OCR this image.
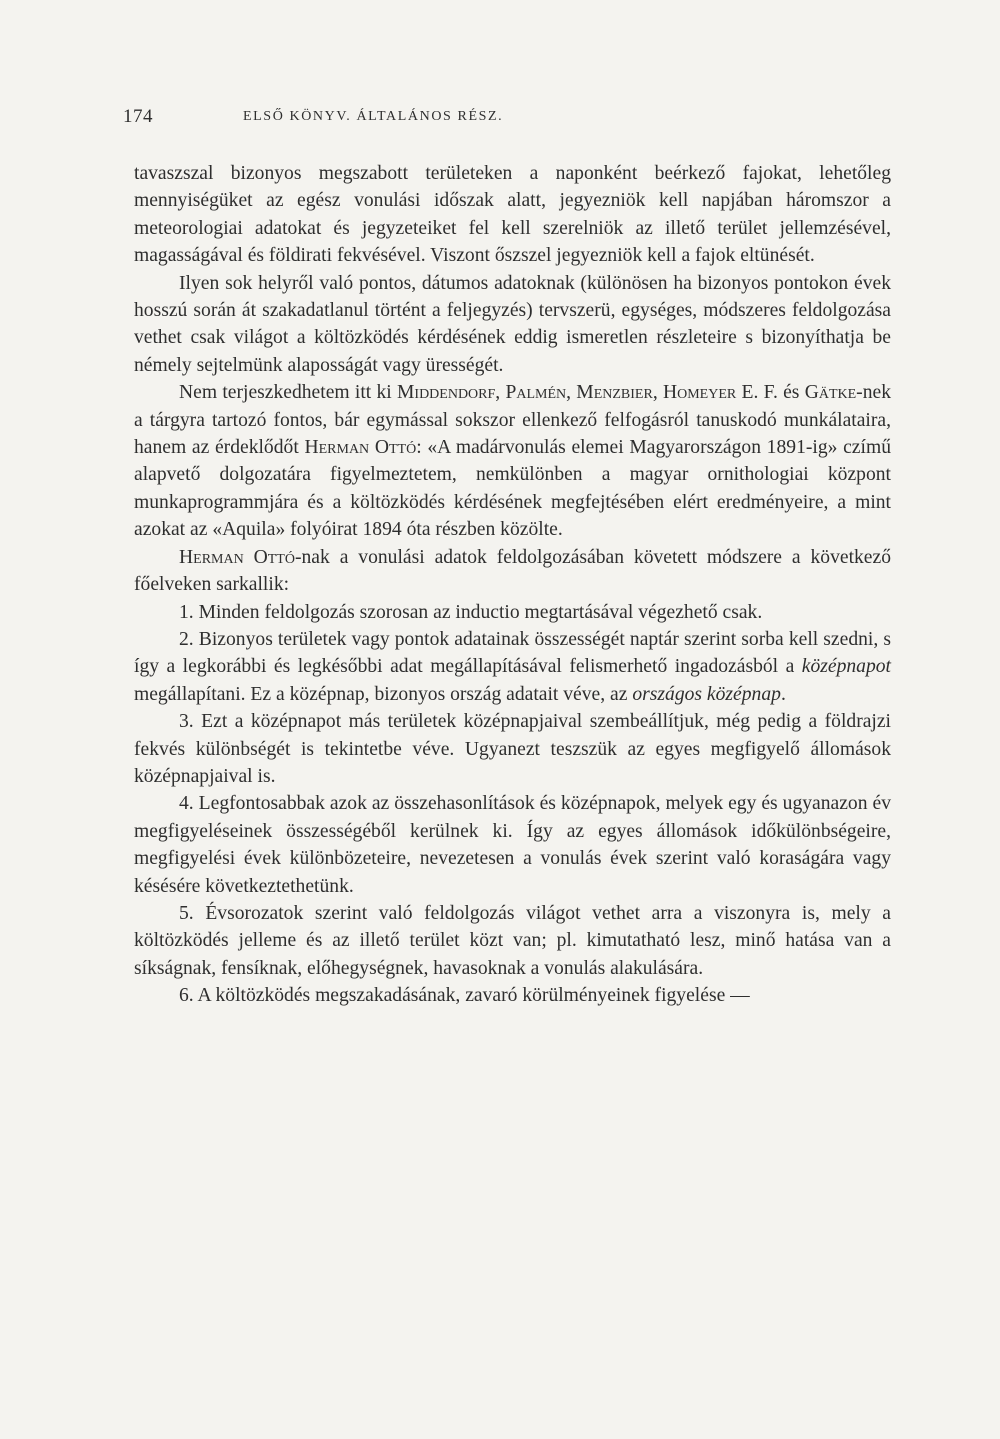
174	ELSŐ KÖNYV. ÁLTALÁNOS RÉSZ.

tavaszszal bizonyos megszabott területeken a naponként beérkező fajokat, lehetőleg mennyiségüket az egész vonulási időszak alatt, jegyezniök kell napjában háromszor a meteorologiai adatokat és jegyzeteiket fel kell szerelniök az illető terület jellemzésével, magasságával és földirati fekvésével. Viszont őszszel jegyezniök kell a fajok eltünését.

Ilyen sok helyről való pontos, dátumos adatoknak (különösen ha bizonyos pontokon évek hosszú során át szakadatlanul történt a feljegyzés) tervszerü, egységes, módszeres feldolgozása vethet csak világot a költözködés kérdésének eddig ismeretlen részleteire s bizonyíthatja be némely sejtelmünk alaposságát vagy ürességét.

Nem terjeszkedhetem itt ki Middendorf, Palmén, Menzbier, Homeyer E. F. és Gätke-nek a tárgyra tartozó fontos, bár egymással sokszor ellenkező felfogásról tanuskodó munkálataira, hanem az érdeklődőt Herman Ottó: «A madárvonulás elemei Magyarországon 1891-ig» czímű alapvető dolgozatára figyelmeztetem, nemkülönben a magyar ornithologiai központ munkaprogrammjára és a költözködés kérdésének megfejtésében elért eredményeire, a mint azokat az «Aquila» folyóirat 1894 óta részben közölte.

Herman Ottó-nak a vonulási adatok feldolgozásában követett módszere a következő főelveken sarkallik:

1. Minden feldolgozás szorosan az inductio megtartásával végezhető csak.

2. Bizonyos területek vagy pontok adatainak összességét naptár szerint sorba kell szedni, s így a legkorábbi és legkésőbbi adat megállapításával felismerhető ingadozásból a középnapot megállapítani. Ez a középnap, bizonyos ország adatait véve, az országos középnap.

3. Ezt a középnapot más területek középnapjaival szembeállítjuk, még pedig a földrajzi fekvés különbségét is tekintetbe véve. Ugyanezt teszszük az egyes megfigyelő állomások középnapjaival is.

4. Legfontosabbak azok az összehasonlítások és középnapok, melyek egy és ugyanazon év megfigyeléseinek összességéből kerülnek ki. Így az egyes állomások időkülönbségeire, megfigyelési évek különbözeteire, nevezetesen a vonulás évek szerint való koraságára vagy késésére következtethetünk.

5. Évsorozatok szerint való feldolgozás világot vethet arra a viszonyra is, mely a költözködés jelleme és az illető terület közt van; pl. kimutatható lesz, minő hatása van a síkságnak, fensíknak, előhegységnek, havasoknak a vonulás alakulására.

6. A költözködés megszakadásának, zavaró körülményeinek figyelése —
